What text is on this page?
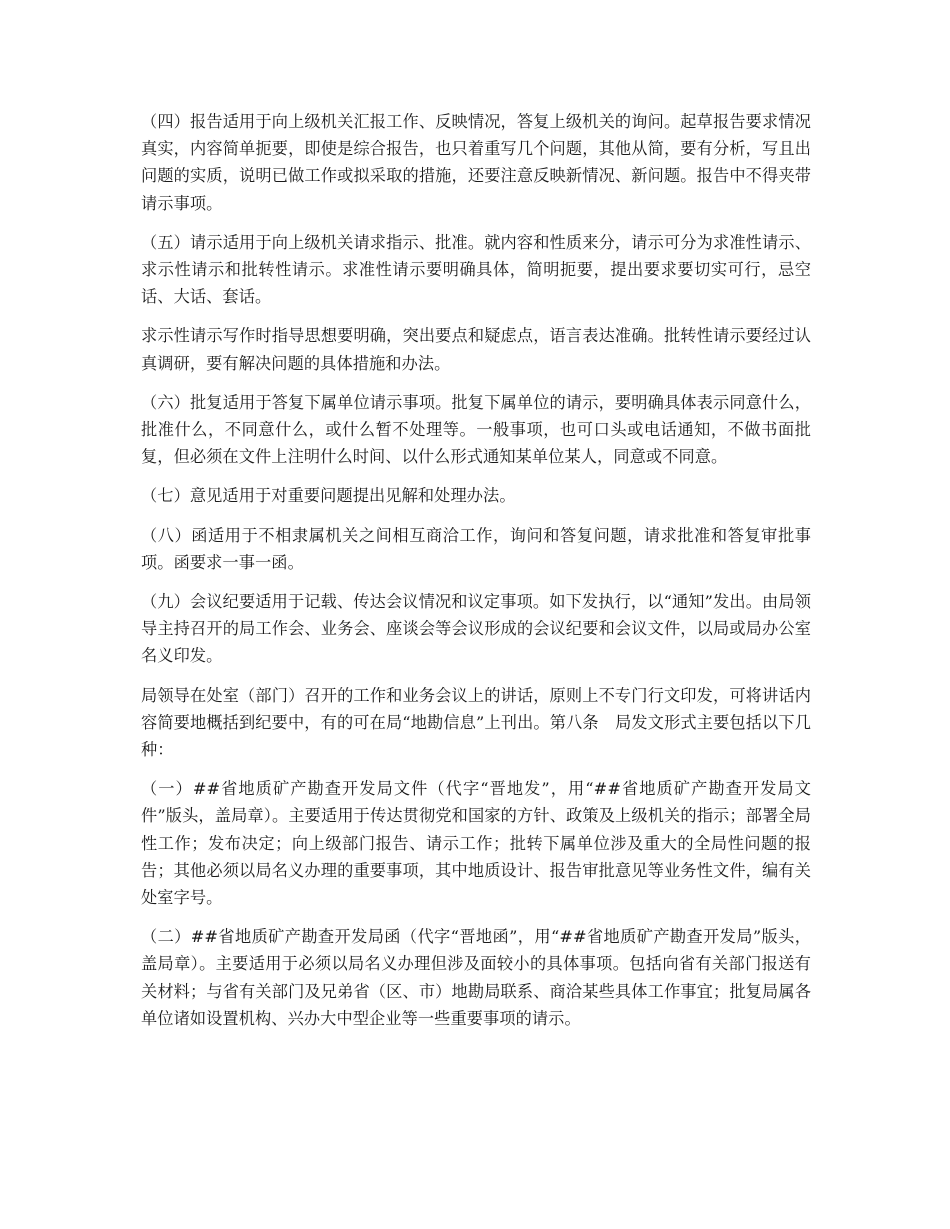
（四）报告适用于向上级机关汇报工作、反映情况，答复上级机关的询问。起草报告要求情况真实，内容简单扼要，即使是综合报告，也只着重写几个问题，其他从简，要有分析，写且出问题的实质，说明已做工作或拟采取的措施，还要注意反映新情况、新问题。报告中不得夹带请示事项。

（五）请示适用于向上级机关请求指示、批准。就内容和性质来分，请示可分为求准性请示、求示性请示和批转性请示。求准性请示要明确具体，简明扼要，提出要求要切实可行，忌空话、大话、套话。

求示性请示写作时指导思想要明确，突出要点和疑虑点，语言表达准确。批转性请示要经过认真调研，要有解决问题的具体措施和办法。

（六）批复适用于答复下属单位请示事项。批复下属单位的请示，要明确具体表示同意什么，批准什么，不同意什么，或什么暂不处理等。一般事项，也可口头或电话通知，不做书面批复，但必须在文件上注明什么时间、以什么形式通知某单位某人，同意或不同意。

（七）意见适用于对重要问题提出见解和处理办法。

（八）函适用于不相隶属机关之间相互商洽工作，询问和答复问题，请求批准和答复审批事项。函要求一事一函。

（九）会议纪要适用于记载、传达会议情况和议定事项。如下发执行，以“通知”发出。由局领导主持召开的局工作会、业务会、座谈会等会议形成的会议纪要和会议文件，以局或局办公室名义印发。

局领导在处室（部门）召开的工作和业务会议上的讲话，原则上不专门行文印发，可将讲话内容简要地概括到纪要中，有的可在局“地勘信息”上刊出。第八条　局发文形式主要包括以下几种：

（一）##省地质矿产勘查开发局文件（代字“晋地发”，用“##省地质矿产勘查开发局文件”版头，盖局章）。主要适用于传达贯彻党和国家的方针、政策及上级机关的指示；部署全局性工作；发布决定；向上级部门报告、请示工作；批转下属单位涉及重大的全局性问题的报告；其他必须以局名义办理的重要事项，其中地质设计、报告审批意见等业务性文件，编有关处室字号。

（二）##省地质矿产勘查开发局函（代字“晋地函”，用“##省地质矿产勘查开发局”版头，盖局章）。主要适用于必须以局名义办理但涉及面较小的具体事项。包括向省有关部门报送有关材料；与省有关部门及兄弟省（区、市）地勘局联系、商洽某些具体工作事宜；批复局属各单位诸如设置机构、兴办大中型企业等一些重要事项的请示。
